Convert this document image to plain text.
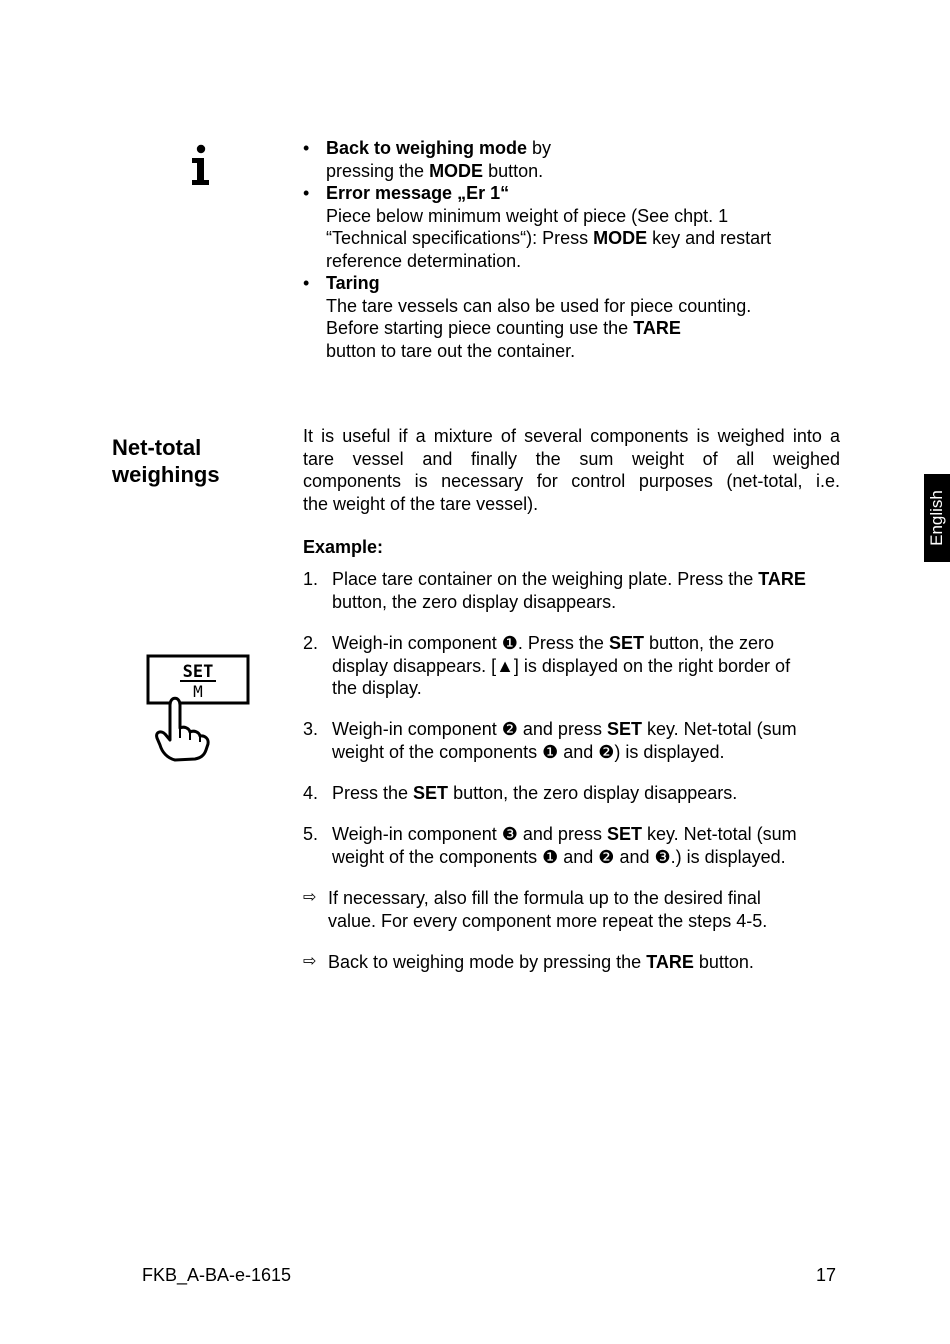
• Back to weighing mode by
pressing the MODE button.
• Error message „Er 1“
Piece below minimum weight of piece (See chpt. 1
“Technical specifications“): Press MODE key and restart
reference determination.
• Taring
The tare vessels can also be used for piece counting.
Before starting piece counting use the TARE
button to tare out the container.
Net-total
weighings
It is useful if a mixture of several components is weighed into a
tare vessel and finally the sum weight of all weighed
components is necessary for control purposes (net-total, i.e.
the weight of the tare vessel).
Example:
1. Place tare container on the weighing plate. Press the TARE
button, the zero display disappears.
2. Weigh-in component ❶. Press the SET button, the zero
display disappears. [▲] is displayed on the right border of
the display.
3. Weigh-in component ❷ and press SET key. Net-total (sum
weight of the components ❶ and ❷) is displayed.
4. Press the SET button, the zero display disappears.
5. Weigh-in component ❸ and press SET key. Net-total (sum
weight of the components ❶ and ❷ and ❸.) is displayed.
⇨ If necessary, also fill the formula up to the desired final
value. For every component more repeat the steps 4-5.
⇨ Back to weighing mode by pressing the TARE button.
SET
M
English
FKB_A-BA-e-1615	17
